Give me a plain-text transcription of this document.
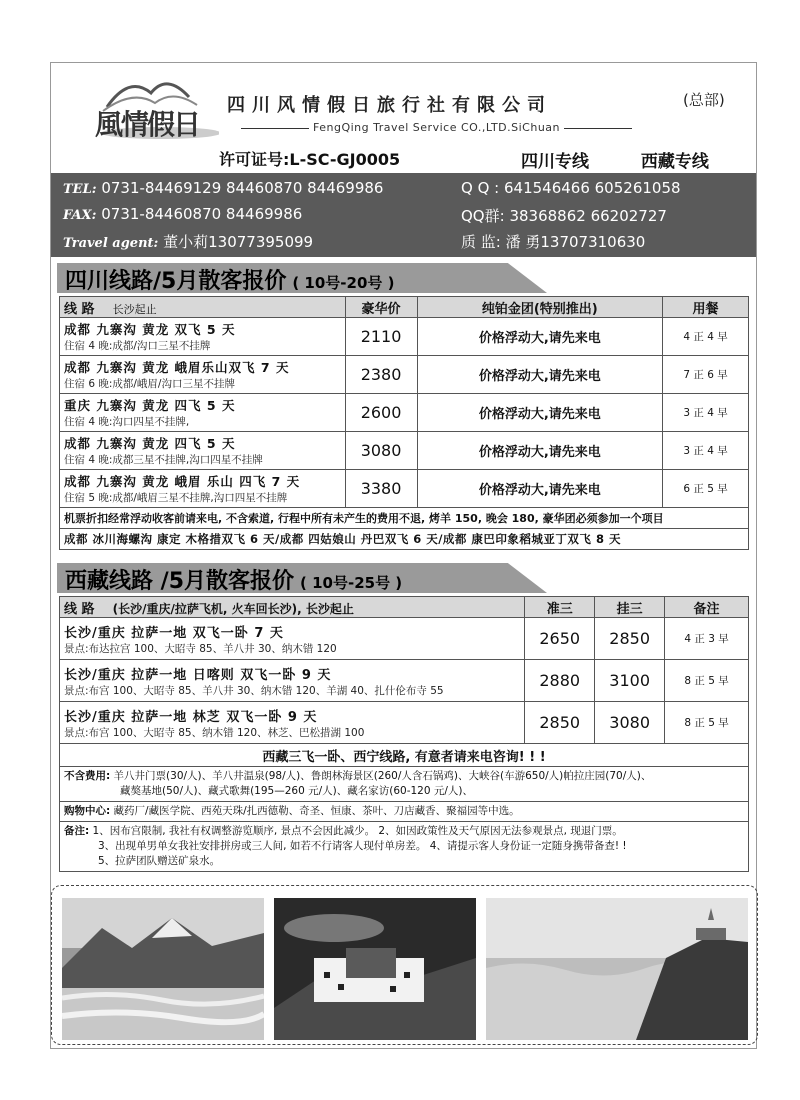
風情假日
四川风情假日旅行社有限公司	(总部)
FengQing Travel Service CO.,LTD.SiChuan
许可证号:L-SC-GJ0005	四川专线	西藏专线
TEL: 0731-84469129 84460870 84469986
FAX: 0731-84460870 84469986
Travel agent: 董小莉13077395099
Q Q : 641546466 605261058
QQ群: 38368862 66202727
质 监: 潘 勇13707310630
四川线路/5月散客报价 ( 10号-20号 )
线 路 长沙起止	豪华价	纯铂金团(特别推出)	用餐

成都 九寨沟 黄龙 双飞 5 天
住宿 4 晚:成都/沟口三星不挂牌	2110	价格浮动大,请先来电	4 正 4 早

成都 九寨沟 黄龙 峨眉乐山双飞 7 天
住宿 6 晚:成都/峨眉/沟口三星不挂牌	2380	价格浮动大,请先来电	7 正 6 早

重庆 九寨沟 黄龙 四飞 5 天
住宿 4 晚:沟口四星不挂牌,	2600	价格浮动大,请先来电	3 正 4 早

成都 九寨沟 黄龙 四飞 5 天
住宿 4 晚:成都三星不挂牌,沟口四星不挂牌	3080	价格浮动大,请先来电	3 正 4 早

成都 九寨沟 黄龙 峨眉 乐山 四飞 7 天
住宿 5 晚:成都/峨眉三星不挂牌,沟口四星不挂牌	3380	价格浮动大,请先来电	6 正 5 早
机票折扣经常浮动收客前请来电, 不含索道, 行程中所有未产生的费用不退, 烤羊 150, 晚会 180, 豪华团必须参加一个项目			
成都 冰川海螺沟 康定 木格措双飞 6 天/成都 四姑娘山 丹巴双飞 6 天/成都 康巴印象稻城亚丁双飞 8 天			
西藏线路 /5月散客报价 ( 10号-25号 )
线 路 (长沙/重庆/拉萨飞机, 火车回长沙), 长沙起止	准三	挂三	备注

长沙/重庆 拉萨一地 双飞一卧 7 天
景点:布达拉宫 100、大昭寺 85、羊八井 30、纳木错 120	2650	2850	4 正 3 早

长沙/重庆 拉萨一地 日喀则 双飞一卧 9 天
景点:布宫 100、大昭寺 85、羊八井 30、纳木错 120、羊湖 40、扎什伦布寺 55	2880	3100	8 正 5 早

长沙/重庆 拉萨一地 林芝 双飞一卧 9 天
景点:布宫 100、大昭寺 85、纳木错 120、林芝、巴松措湖 100	2850	3080	8 正 5 早
西藏三飞一卧、西宁线路, 有意者请来电咨询! ! !			
不含费用: 羊八井门票(30/人)、羊八井温泉(98/人)、鲁朗林海景区(260/人含石锅鸡)、大峡谷(车游650/人)帕拉庄园(70/人)、
藏獒基地(50/人)、藏式歌舞(195—260 元/人)、藏名家访(60-120 元/人)、			
购物中心: 藏药厂/藏医学院、西苑天珠/扎西德勒、奇圣、恒康、茶叶、刀店藏香、聚福园等中选。			
备注: 1、因布宫限制, 我社有权调整游览顺序, 景点不会因此减少。 2、如因政策性及天气原因无法参观景点, 现退门票。
3、出现单男单女我社安排拼房或三人间, 如若不行请客人现付单房差。 4、请提示客人身份证一定随身携带备查! !
5、拉萨团队赠送矿泉水。			
